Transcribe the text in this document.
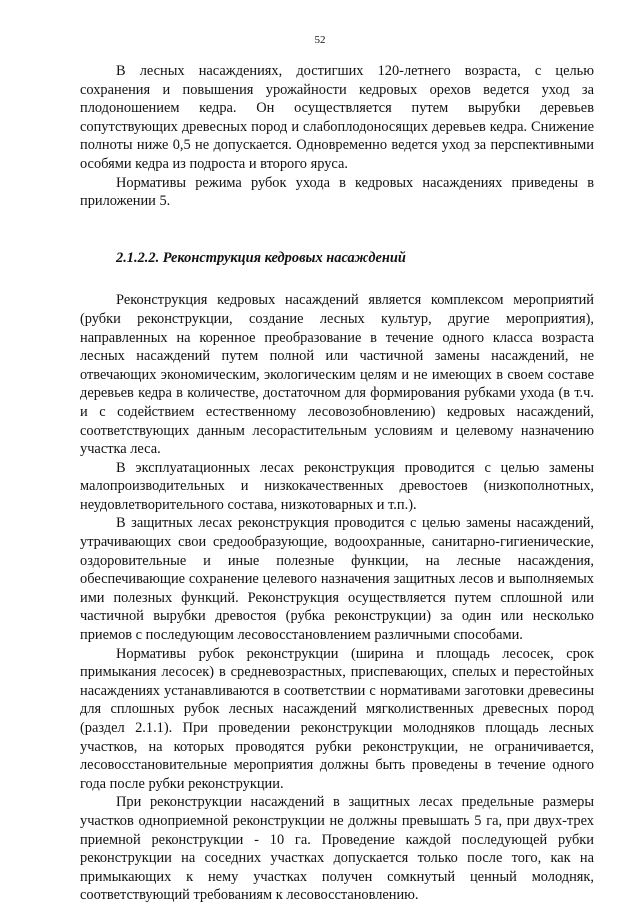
52

В лесных насаждениях, достигших 120-летнего возраста, с целью сохранения и повышения урожайности кедровых орехов ведется уход за плодоношением кедра. Он осуществляется путем вырубки деревьев сопутствующих древесных пород и слабоплодоносящих деревьев кедра. Снижение полноты ниже 0,5 не допускается. Одновременно ведется уход за перспективными особями кедра из подроста и второго яруса.

Нормативы режима рубок ухода в кедровых насаждениях приведены в приложении 5.

2.1.2.2. Реконструкция кедровых насаждений

Реконструкция кедровых насаждений является комплексом мероприятий (рубки реконструкции, создание лесных культур, другие мероприятия), направленных на коренное преобразование в течение одного класса возраста лесных насаждений путем полной или частичной замены насаждений, не отвечающих экономическим, экологическим целям и не имеющих в своем составе деревьев кедра в количестве, достаточном для формирования рубками ухода (в т.ч. и с содействием естественному лесовозобновлению) кедровых насаждений, соответствующих данным лесорастительным условиям и целевому назначению участка леса.

В эксплуатационных лесах реконструкция проводится с целью замены малопроизводительных и низкокачественных древостоев (низкополнотных, неудовлетворительного состава, низкотоварных и т.п.).

В защитных лесах реконструкция проводится с целью замены насаждений, утрачивающих свои средообразующие, водоохранные, санитарно-гигиенические, оздоровительные и иные полезные функции, на лесные насаждения, обеспечивающие сохранение целевого назначения защитных лесов и выполняемых ими полезных функций. Реконструкция осуществляется путем сплошной или частичной вырубки древостоя (рубка реконструкции) за один или несколько приемов с последующим лесовосстановлением различными способами.

Нормативы рубок реконструкции (ширина и площадь лесосек, срок примыкания лесосек) в средневозрастных, приспевающих, спелых и перестойных насаждениях устанавливаются в соответствии с нормативами заготовки древесины для сплошных рубок лесных насаждений мягколиственных древесных пород (раздел 2.1.1). При проведении реконструкции молодняков площадь лесных участков, на которых проводятся рубки реконструкции, не ограничивается, лесовосстановительные мероприятия должны быть проведены в течение одного года после рубки реконструкции.

При реконструкции насаждений в защитных лесах предельные размеры участков одноприемной реконструкции не должны превышать 5 га, при двух-трех приемной реконструкции - 10 га. Проведение каждой последующей рубки реконструкции на соседних участках допускается только после того, как на примыкающих к нему участках получен сомкнутый ценный молодняк, соответствующий требованиям к лесовосстановлению.
